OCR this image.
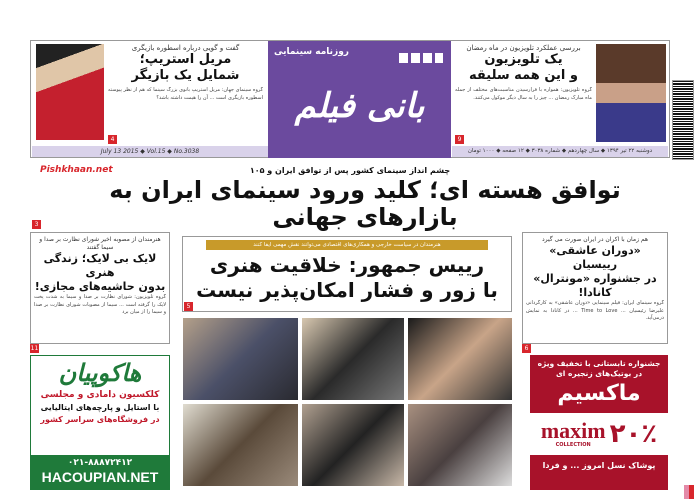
گفت و گویی درباره اسطوره بازیگری
مریل استریپ؛
شمایل یک بازیگر
گروه سینمای جهان: مریل استریپ بانوی بزرگ سینما که هم از نظر پیوسته اسطوره بازیگری است ... آن را هیمت داشته باشد؟
4
July 13 2015 ◆ Vol.15 ◆ No.3038
روزنامه سینمایی
بانی فیلم
بررسی عملکرد تلویزیون در ماه رمضان
یک تلویزیون
و این همه سلیقه
گروه تلویزیون: همواره با فرارسیدن مناسبت‌های مختلف از جمله ماه مبارک رمضان ... چیز را به سال دیگر موکول می‌کنند.
9
دوشنبه ۲۲ تیر ۱۳۹۴ ◆ سال چهاردهم ◆ شماره ۳۰۳۸ ◆ ۱۲ صفحه ◆ ۱۰۰۰ تومان
Pishkhaan.net	چشم انداز سینمای کشور پس از توافق ایران و ۱۰۵
توافق هسته ای؛ کلید ورود سینمای ایران به بازارهای جهانی
3
هنرمندان از مصوبه اخیر شورای نظارت بر صدا و سیما گفتند
لایک بی لایک؛ زندگی هنری
بدون حاشیه‌های مجازی!
گروه تلویزیون: شورای نظارت بر صدا و سیما به شدت پخت لایک را گرفته است ... سیما از مصوبات شورای نظارت بر صدا و سیما را از میان برد
11
هنرمندان در سیاست خارجی و همکاری‌های اقتصادی می‌توانند نقش مهمی ایفا کنند
رییس جمهور: خلاقیت هنری
با زور و فشار امکان‌پذیر نیست
5
هم زمان با اکران در ایران صورت می گیرد
«دوران عاشقی» رییسیان
در جشنواره «مونترال» کانادا!
گروه سینمای ایران: فیلم سینمایی «دوران عاشقی» به کارگردانی علیرضا رئیسیان ... Time to Love ... در کانادا به نمایش درمی‌آید.
6
هاکوپیان
کلکسیون دامادی و مجلسی
با استایل و پارچه‌های ایتالیایی
در فروشگاه‌های سراسر کشور
۰۲۱-۸۸۸۷۲۴۱۲
HACOUPIAN.NET
جشنواره تابستانی با تخفیف ویژه
در بوتیک‌های زنجیره ای
ماکسیم
maxim
COLLECTION ۲۰٪
پوشاک نسل امروز ... و فردا
